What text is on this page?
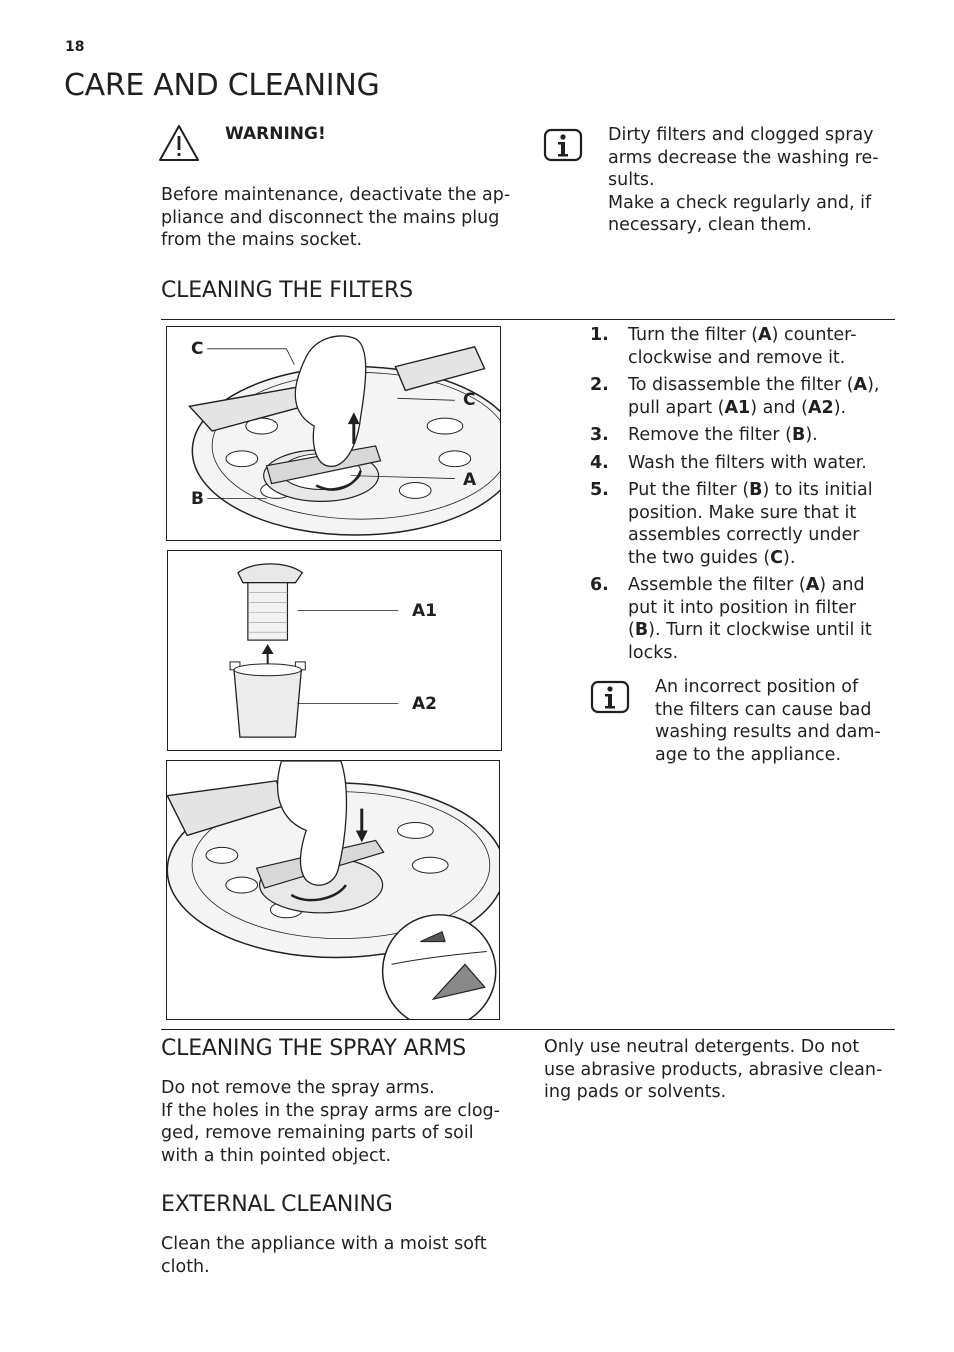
18
CARE AND CLEANING
WARNING!
Before maintenance, deactivate the ap-
pliance and disconnect the mains plug
from the mains socket.
Dirty filters and clogged spray
arms decrease the washing re-
sults.
Make a check regularly and, if
necessary, clean them.
CLEANING THE FILTERS
C
C
A
B
A1
A2
1. Turn the filter (A) counter-
clockwise and remove it.
2. To disassemble the filter (A),
pull apart (A1) and (A2).
3. Remove the filter (B).
4. Wash the filters with water.
5. Put the filter (B) to its initial
position. Make sure that it
assembles correctly under
the two guides (C).
6. Assemble the filter (A) and
put it into position in filter
(B). Turn it clockwise until it
locks.
An incorrect position of
the filters can cause bad
washing results and dam-
age to the appliance.
CLEANING THE SPRAY ARMS
Do not remove the spray arms.
If the holes in the spray arms are clog-
ged, remove remaining parts of soil
with a thin pointed object.
Only use neutral detergents. Do not
use abrasive products, abrasive clean-
ing pads or solvents.
EXTERNAL CLEANING
Clean the appliance with a moist soft
cloth.
